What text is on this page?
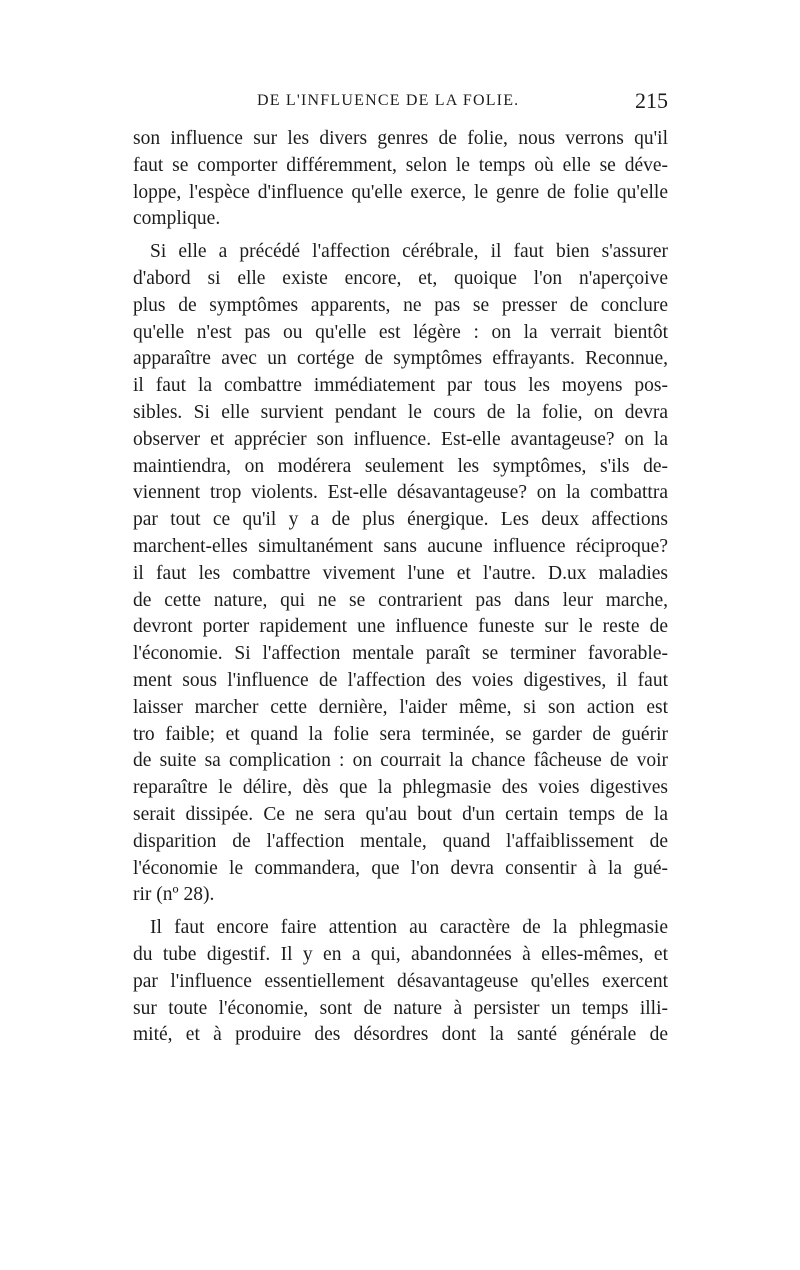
DE L'INFLUENCE DE LA FOLIE.	215
son influence sur les divers genres de folie, nous verrons qu'il
faut se comporter différemment, selon le temps où elle se déve-
loppe, l'espèce d'influence qu'elle exerce, le genre de folie qu'elle
complique.
Si elle a précédé l'affection cérébrale, il faut bien s'assurer
d'abord si elle existe encore, et, quoique l'on n'aperçoive
plus de symptômes apparents, ne pas se presser de conclure
qu'elle n'est pas ou qu'elle est légère : on la verrait bientôt
apparaître avec un cortége de symptômes effrayants. Reconnue,
il faut la combattre immédiatement par tous les moyens pos-
sibles. Si elle survient pendant le cours de la folie, on devra
observer et apprécier son influence. Est-elle avantageuse? on la
maintiendra, on modérera seulement les symptômes, s'ils de-
viennent trop violents. Est-elle désavantageuse? on la combattra
par tout ce qu'il y a de plus énergique. Les deux affections
marchent-elles simultanément sans aucune influence réciproque?
il faut les combattre vivement l'une et l'autre. D.ux maladies
de cette nature, qui ne se contrarient pas dans leur marche,
devront porter rapidement une influence funeste sur le reste de
l'économie. Si l'affection mentale paraît se terminer favorable-
ment sous l'influence de l'affection des voies digestives, il faut
laisser marcher cette dernière, l'aider même, si son action est
tro faible; et quand la folie sera terminée, se garder de guérir
de suite sa complication : on courrait la chance fâcheuse de voir
reparaître le délire, dès que la phlegmasie des voies digestives
serait dissipée. Ce ne sera qu'au bout d'un certain temps de la
disparition de l'affection mentale, quand l'affaiblissement de
l'économie le commandera, que l'on devra consentir à la gué-
rir (nº 28).
Il faut encore faire attention au caractère de la phlegmasie
du tube digestif. Il y en a qui, abandonnées à elles-mêmes, et
par l'influence essentiellement désavantageuse qu'elles exercent
sur toute l'économie, sont de nature à persister un temps illi-
mité, et à produire des désordres dont la santé générale de
